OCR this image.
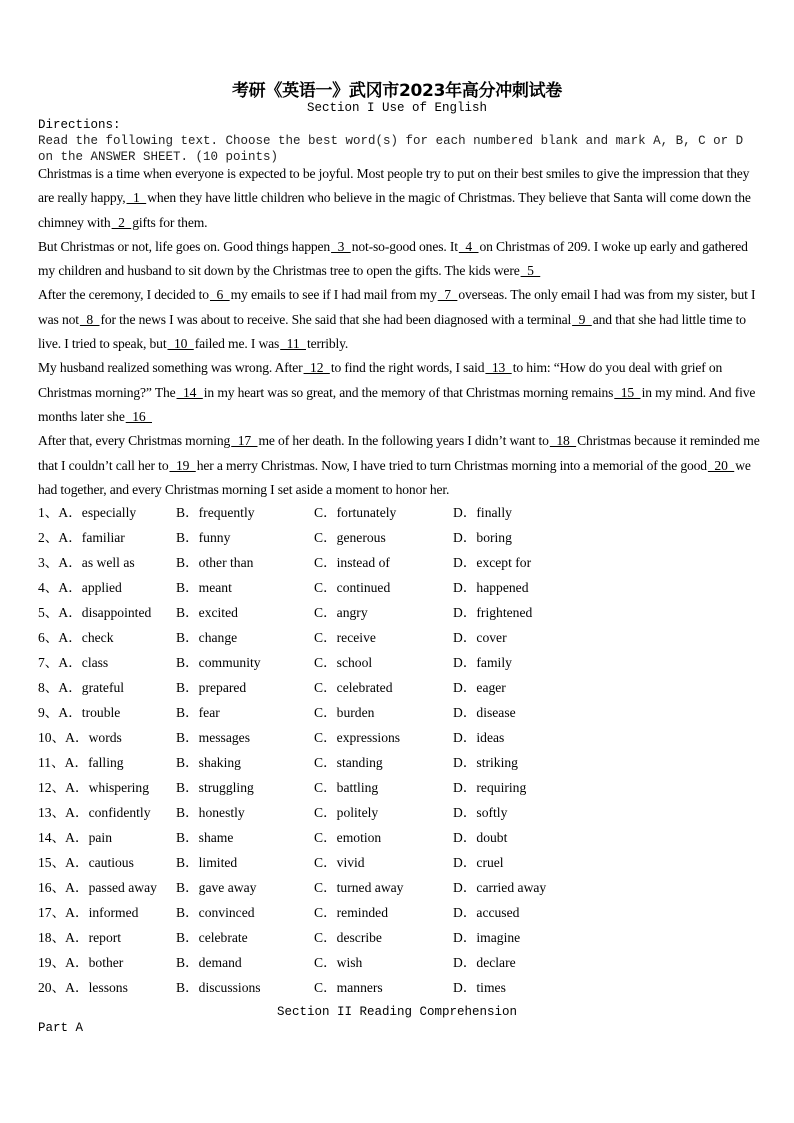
考研《英语一》武冈市2023年高分冲刺试卷
Section I Use of English
Directions:
Read the following text. Choose the best word(s) for each numbered blank and mark A, B, C or D on the ANSWER SHEET. (10 points)

Christmas is a time when everyone is expected to be joyful. Most people try to put on their best smiles to give the impression that they are really happy,  1  when they have little children who believe in the magic of Christmas. They believe that Santa will come down the chimney with  2  gifts for them.

But Christmas or not, life goes on. Good things happen  3  not-so-good ones. It  4  on Christmas of 209. I woke up early and gathered my children and husband to sit down by the Christmas tree to open the gifts. The kids were  5

After the ceremony, I decided to  6  my emails to see if I had mail from my  7  overseas. The only email I had was from my sister, but I was not  8  for the news I was about to receive. She said that she had been diagnosed with a terminal  9  and that she had little time to live. I tried to speak, but  10  failed me. I was  11  terribly.

My husband realized something was wrong. After  12  to find the right words, I said  13  to him: “How do you deal with grief on Christmas morning?” The  14  in my heart was so great, and the memory of that Christmas morning remains  15  in my mind. And five months later she  16

After that, every Christmas morning  17  me of her death. In the following years I didn’t want to  18  Christmas because it reminded me that I couldn’t call her to  19  her a merry Christmas. Now, I have tried to turn Christmas morning into a memorial of the good  20  we had together, and every Christmas morning I set aside a moment to honor her.

1、A．especially	B．frequently	C．fortunately	D．finally
2、A．familiar	B．funny	C．generous	D．boring
3、A．as well as	B．other than	C．instead of	D．except for
4、A．applied	B．meant	C．continued	D．happened
5、A．disappointed B．excited	C．angry	D．frightened
6、A．check	B．change	C．receive	D．cover
7、A．class	B．community	C．school	D．family
8、A．grateful	B．prepared	C．celebrated	D．eager
9、A．trouble	B．fear	C．burden	D．disease
10、A．words	B．messages	C．expressions	D．ideas
11、A．falling	B．shaking	C．standing	D．striking
12、A．whispering B．struggling	C．battling	D．requiring
13、A．confidently B．honestly	C．politely	D．softly
14、A．pain	B．shame	C．emotion	D．doubt
15、A．cautious	B．limited	C．vivid	D．cruel
16、A．passed away B．gave away	C．turned away	D．carried away
17、A．informed	B．convinced	C．reminded	D．accused
18、A．report	B．celebrate	C．describe	D．imagine
19、A．bother	B．demand	C．wish	D．declare
20、A．lessons	B．discussions	C．manners	D．times
Section II Reading Comprehension
Part A
